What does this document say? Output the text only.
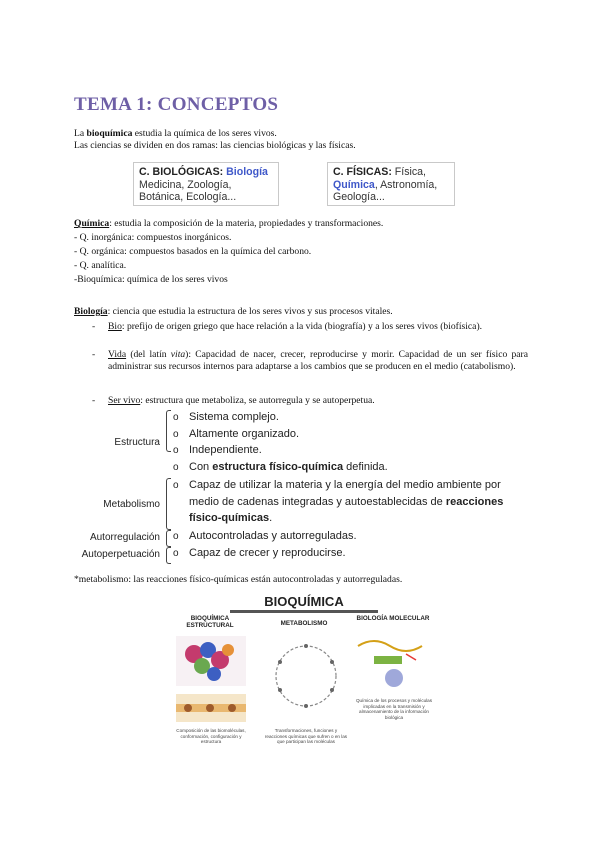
TEMA 1: CONCEPTOS
La bioquímica estudia la química de los seres vivos.
Las ciencias se dividen en dos ramas: las ciencias biológicas y las físicas.
C. BIOLÓGICAS: Biología
Medicina, Zoología,
Botánica, Ecología...
C. FÍSICAS: Física,
Química, Astronomía,
Geología...
Química: estudia la composición de la materia, propiedades y transformaciones.
- Q. inorgánica: compuestos inorgánicos.
- Q. orgánica: compuestos basados en la química del carbono.
- Q. analítica.
-Bioquímica: química de los seres vivos
Biología: ciencia que estudia la estructura de los seres vivos y sus procesos vitales.
- Bio: prefijo de origen griego que hace relación a la vida (biografía) y a los seres vivos (biofísica).
- Vida (del latín vita): Capacidad de nacer, crecer, reproducirse y morir. Capacidad de un ser físico para administrar sus recursos internos para adaptarse a los cambios que se producen en el medio (catabolismo).
- Ser vivo: estructura que metaboliza, se autorregula y se autoperpetua.
Estructura
o Sistema complejo.
o Altamente organizado.
o Independiente.
o Con estructura físico-química definida.
Metabolismo
o Capaz de utilizar la materia y la energía del medio ambiente por
medio de cadenas integradas y autoestablecidas de reacciones
físico-químicas.
Autorregulación o Autocontroladas y autorreguladas.
Autoperpetuación o Capaz de crecer y reproducirse.
*metabolismo: las reacciones físico-químicas están autocontroladas y autorreguladas.
BIOQUÍMICA
BIOQUÍMICA ESTRUCTURAL	METABOLISMO
BIOLOGÍA MOLECULAR
Composición de las biomoléculas, conformación, configuración y estructura
Transformaciones, funciones y reacciones químicas que sufren o en las que participan las moléculas
Química de los procesos y moléculas implicadas en la transmisión y almacenamiento de la información biológica
